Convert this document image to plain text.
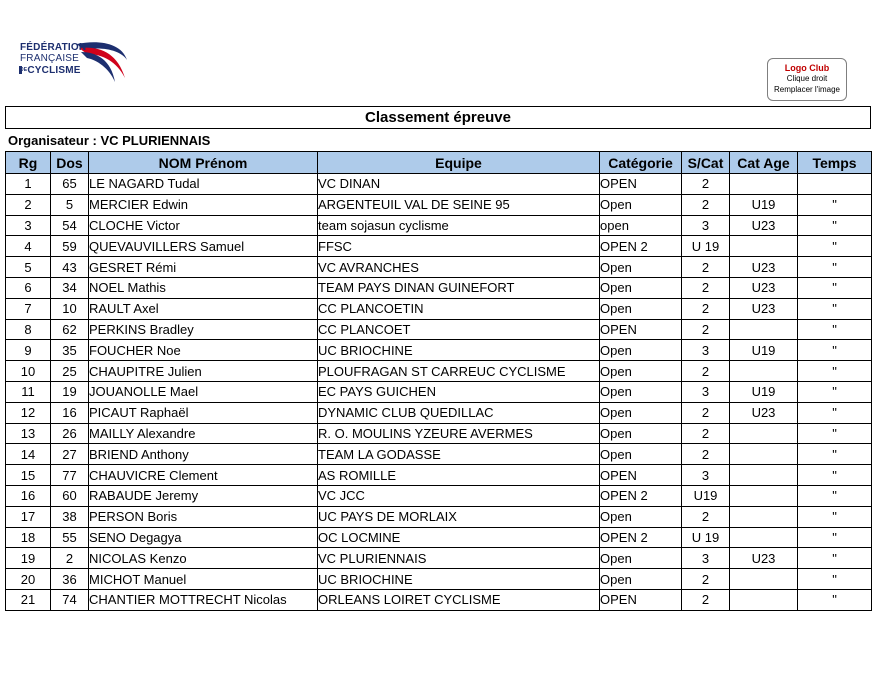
FÉDÉRATION
FRANÇAISE
DECYCLISME	Logo Club
Clique droit
Remplacer l'image
Classement épreuve
Organisateur : VC PLURIENNAIS
Rg	Dos	NOM Prénom	Equipe	Catégorie	S/Cat	Cat Age	Temps
1	65	LE NAGARD Tudal	VC DINAN	OPEN	2		
2	5	MERCIER Edwin	ARGENTEUIL VAL DE SEINE 95	Open	2	U19	"
3	54	CLOCHE Victor	team sojasun cyclisme	open	3	U23	"
4	59	QUEVAUVILLERS Samuel	FFSC	OPEN 2	U 19		"
5	43	GESRET Rémi	VC AVRANCHES	Open	2	U23	"
6	34	NOEL Mathis	TEAM PAYS DINAN GUINEFORT	Open	2	U23	"
7	10	RAULT Axel	CC PLANCOETIN	Open	2	U23	"
8	62	PERKINS Bradley	CC PLANCOET	OPEN	2		"
9	35	FOUCHER Noe	UC BRIOCHINE	Open	3	U19	"
10	25	CHAUPITRE Julien	PLOUFRAGAN ST CARREUC CYCLISME	Open	2		"
11	19	JOUANOLLE Mael	EC PAYS GUICHEN	Open	3	U19	"
12	16	PICAUT Raphaël	DYNAMIC CLUB QUEDILLAC	Open	2	U23	"
13	26	MAILLY Alexandre	R. O. MOULINS YZEURE AVERMES	Open	2		"
14	27	BRIEND Anthony	TEAM LA GODASSE	Open	2		"
15	77	CHAUVICRE Clement	AS ROMILLE	OPEN	3		"
16	60	RABAUDE Jeremy	VC JCC	OPEN 2	U19		"
17	38	PERSON Boris	UC PAYS DE MORLAIX	Open	2		"
18	55	SENO Degagya	OC LOCMINE	OPEN 2	U 19		"
19	2	NICOLAS Kenzo	VC PLURIENNAIS	Open	3	U23	"
20	36	MICHOT Manuel	UC BRIOCHINE	Open	2		"
21	74	CHANTIER MOTTRECHT Nicolas	ORLEANS LOIRET CYCLISME	OPEN	2		"
